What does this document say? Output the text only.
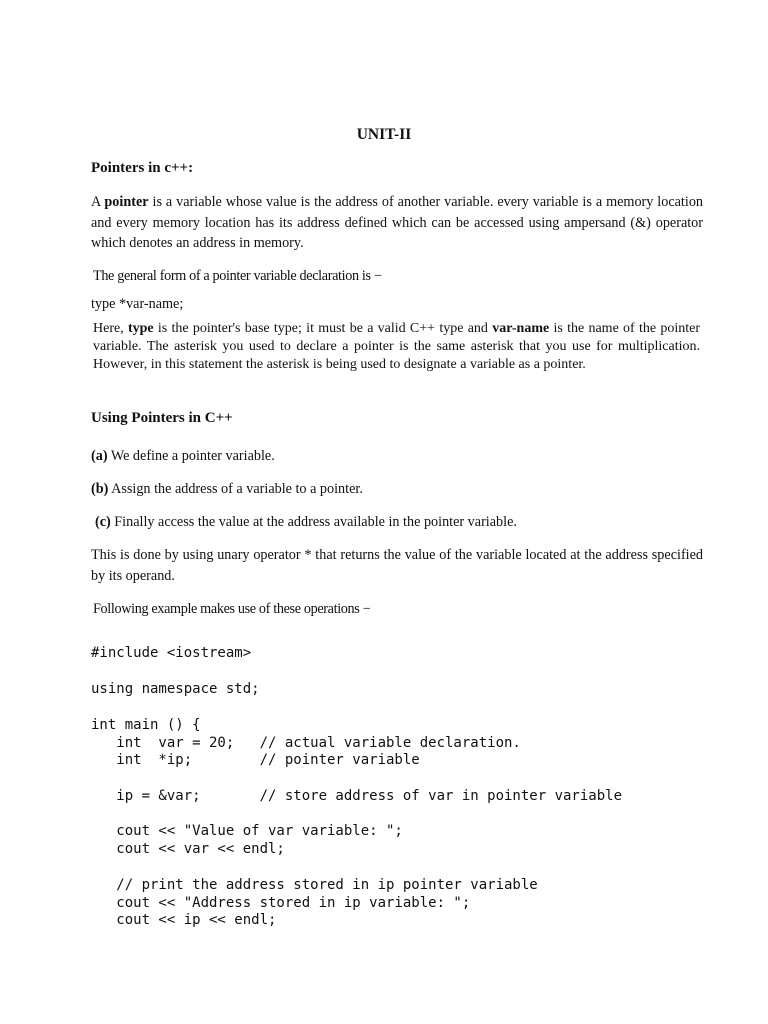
UNIT-II

Pointers in c++:

A pointer is a variable whose value is the address of another variable. every variable is a memory location and every memory location has its address defined which can be accessed using ampersand (&) operator which denotes an address in memory.

The general form of a pointer variable declaration is −

type *var-name;

Here, type is the pointer's base type; it must be a valid C++ type and var-name is the name of the pointer variable. The asterisk you used to declare a pointer is the same asterisk that you use for multiplication. However, in this statement the asterisk is being used to designate a variable as a pointer.

Using Pointers in C++

(a) We define a pointer variable.

(b) Assign the address of a variable to a pointer.

(c) Finally access the value at the address available in the pointer variable.

This is done by using unary operator * that returns the value of the variable located at the address specified by its operand.

Following example makes use of these operations −

#include <iostream>
using namespace std;
int main () {
int  var = 20;   // actual variable declaration.
int  *ip;        // pointer variable
ip = &var;       // store address of var in pointer variable
cout << "Value of var variable: ";
cout << var << endl;
// print the address stored in ip pointer variable
cout << "Address stored in ip variable: ";
cout << ip << endl;
